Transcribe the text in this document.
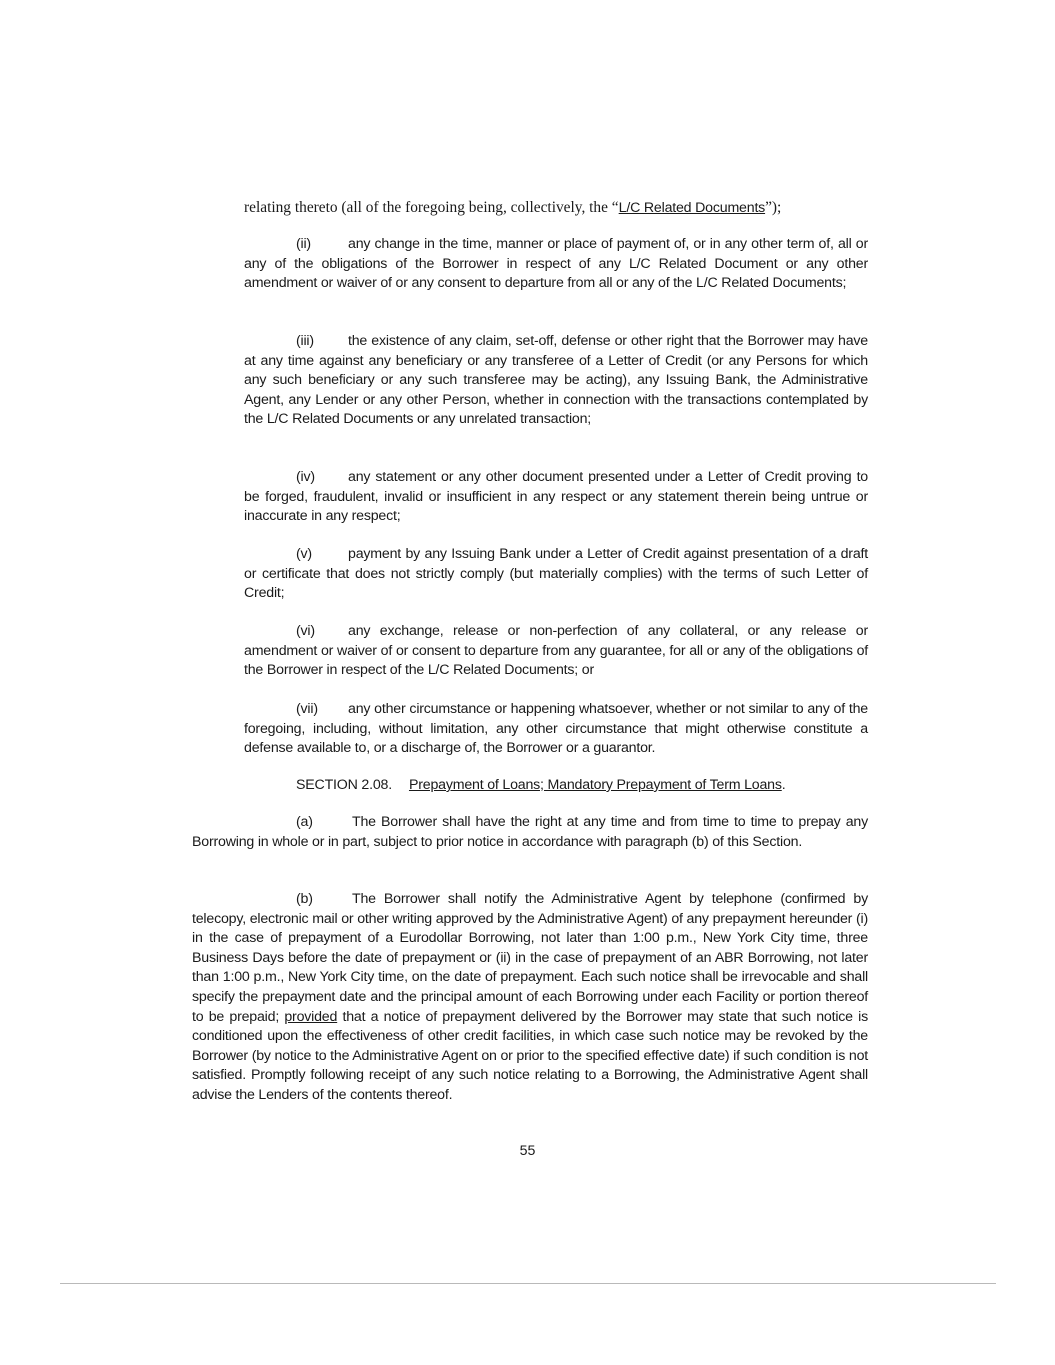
relating thereto (all of the foregoing being, collectively, the “L/C Related Documents”);
(ii)	any change in the time, manner or place of payment of, or in any other term of, all or any of the obligations of the Borrower in respect of any L/C Related Document or any other amendment or waiver of or any consent to departure from all or any of the L/C Related Documents;
(iii) the existence of any claim, set-off, defense or other right that the Borrower may have at any time against any beneficiary or any transferee of a Letter of Credit (or any Persons for which any such beneficiary or any such transferee may be acting), any Issuing Bank, the Administrative Agent, any Lender or any other Person, whether in connection with the transactions contemplated by the L/C Related Documents or any unrelated transaction;
(iv) any statement or any other document presented under a Letter of Credit proving to be forged, fraudulent, invalid or insufficient in any respect or any statement therein being untrue or inaccurate in any respect;
(v)	payment by any Issuing Bank under a Letter of Credit against presentation of a draft or certificate that does not strictly comply (but materially complies) with the terms of such Letter of Credit;
(vi) any exchange, release or non-perfection of any collateral, or any release or amendment or waiver of or consent to departure from any guarantee, for all or any of the obligations of the Borrower in respect of the L/C Related Documents; or
(vii) any other circumstance or happening whatsoever, whether or not similar to any of the foregoing, including, without limitation, any other circumstance that might otherwise constitute a defense available to, or a discharge of, the Borrower or a guarantor.
SECTION 2.08. Prepayment of Loans; Mandatory Prepayment of Term Loans.
(a)	The Borrower shall have the right at any time and from time to time to prepay any Borrowing in whole or in part, subject to prior notice in accordance with paragraph (b) of this Section.
(b)	The Borrower shall notify the Administrative Agent by telephone (confirmed by telecopy, electronic mail or other writing approved by the Administrative Agent) of any prepayment hereunder (i) in the case of prepayment of a Eurodollar Borrowing, not later than 1:00 p.m., New York City time, three Business Days before the date of prepayment or (ii) in the case of prepayment of an ABR Borrowing, not later than 1:00 p.m., New York City time, on the date of prepayment. Each such notice shall be irrevocable and shall specify the prepayment date and the principal amount of each Borrowing under each Facility or portion thereof to be prepaid; provided that a notice of prepayment delivered by the Borrower may state that such notice is conditioned upon the effectiveness of other credit facilities, in which case such notice may be revoked by the Borrower (by notice to the Administrative Agent on or prior to the specified effective date) if such condition is not satisfied. Promptly following receipt of any such notice relating to a Borrowing, the Administrative Agent shall advise the Lenders of the contents thereof.
55
